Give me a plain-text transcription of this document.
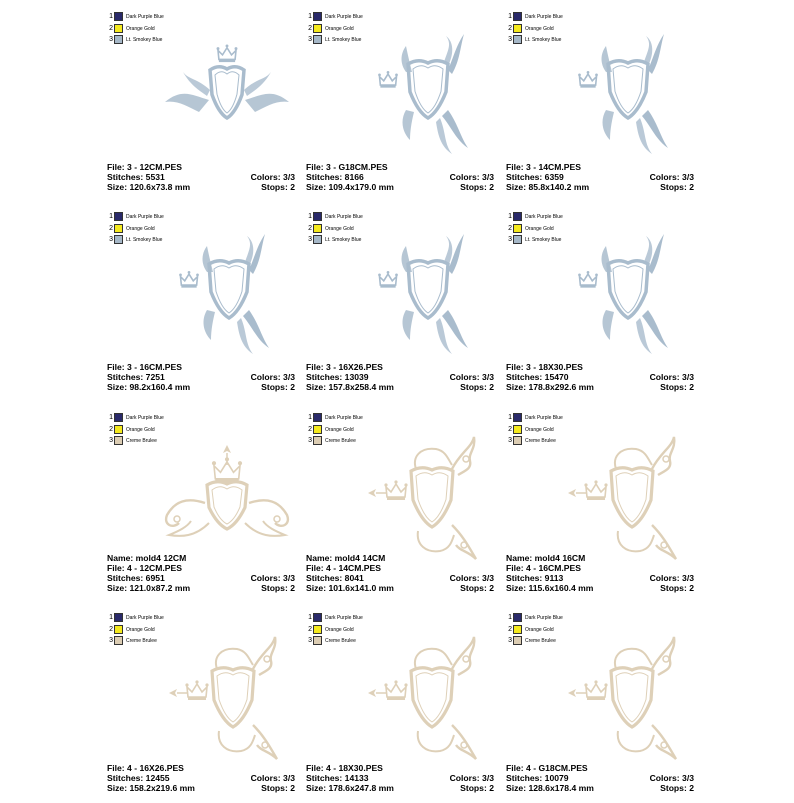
1	Dark Purple Blue
2	Orange Gold
3	Lt. Smokey Blue
File: 3 - 12CM.PES
Stitches: 5531	Colors: 3/3
Size: 120.6x73.8 mm	Stops: 2
1	Dark Purple Blue
2	Orange Gold
3	Lt. Smokey Blue
File: 3 - G18CM.PES
Stitches: 8166	Colors: 3/3
Size: 109.4x179.0 mm	Stops: 2
1	Dark Purple Blue
2	Orange Gold
3	Lt. Smokey Blue
File: 3 - 14CM.PES
Stitches: 6359	Colors: 3/3
Size: 85.8x140.2 mm	Stops: 2
1	Dark Purple Blue
2	Orange Gold
3	Lt. Smokey Blue
File: 3 - 16CM.PES
Stitches: 7251	Colors: 3/3
Size: 98.2x160.4 mm	Stops: 2
1	Dark Purple Blue
2	Orange Gold
3	Lt. Smokey Blue
File: 3 - 16X26.PES
Stitches: 13039	Colors: 3/3
Size: 157.8x258.4 mm	Stops: 2
1	Dark Purple Blue
2	Orange Gold
3	Lt. Smokey Blue
File: 3 - 18X30.PES
Stitches: 15470	Colors: 3/3
Size: 178.8x292.6 mm	Stops: 2
1	Dark Purple Blue
2	Orange Gold
3	Creme Brulee
Name: mold4 12CM
File: 4 - 12CM.PES
Stitches: 6951	Colors: 3/3
Size: 121.0x87.2 mm	Stops: 2
1	Dark Purple Blue
2	Orange Gold
3	Creme Brulee
Name: mold4 14CM
File: 4 - 14CM.PES
Stitches: 8041	Colors: 3/3
Size: 101.6x141.0 mm	Stops: 2
1	Dark Purple Blue
2	Orange Gold
3	Creme Brulee
Name: mold4 16CM
File: 4 - 16CM.PES
Stitches: 9113	Colors: 3/3
Size: 115.6x160.4 mm	Stops: 2
1	Dark Purple Blue
2	Orange Gold
3	Creme Brulee
File: 4 - 16X26.PES
Stitches: 12455	Colors: 3/3
Size: 158.2x219.6 mm	Stops: 2
1	Dark Purple Blue
2	Orange Gold
3	Creme Brulee
File: 4 - 18X30.PES
Stitches: 14133	Colors: 3/3
Size: 178.6x247.8 mm	Stops: 2
1	Dark Purple Blue
2	Orange Gold
3	Creme Brulee
File: 4 - G18CM.PES
Stitches: 10079	Colors: 3/3
Size: 128.6x178.4 mm	Stops: 2
